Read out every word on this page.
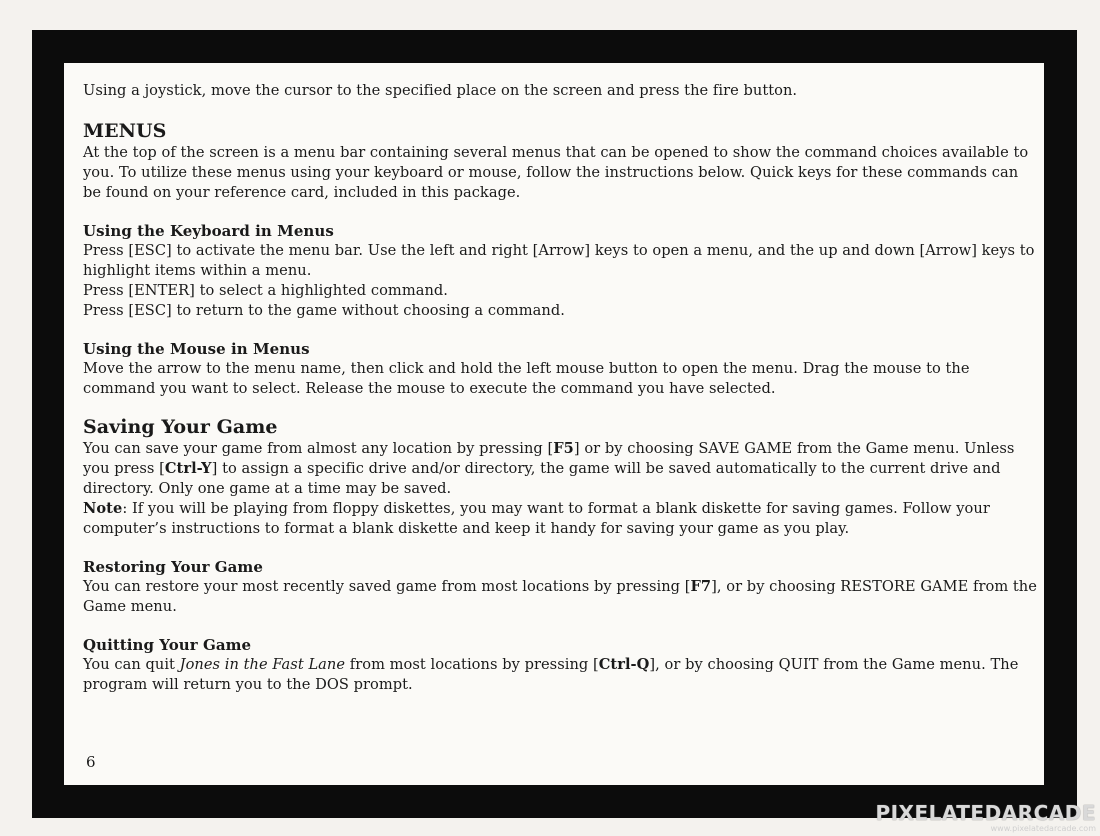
Using a joystick, move the cursor to the specified place on the screen and press the fire button.

MENUS

At the top of the screen is a menu bar containing several menus that can be opened to show the command choices available to you. To utilize these menus using your keyboard or mouse, follow the instructions below. Quick keys for these commands can be found on your reference card, included in this package.

Using the Keyboard in Menus

Press [ESC] to activate the menu bar. Use the left and right [Arrow] keys to open a menu, and the up and down [Arrow] keys to highlight items within a menu.

Press [ENTER] to select a highlighted command.

Press [ESC] to return to the game without choosing a command.

Using the Mouse in Menus

Move the arrow to the menu name, then click and hold the left mouse button to open the menu. Drag the mouse to the command you want to select. Release the mouse to execute the command you have selected.

Saving Your Game

You can save your game from almost any location by pressing [F5] or by choosing SAVE GAME from the Game menu. Unless you press [Ctrl-Y] to assign a specific drive and/or directory, the game will be saved automatically to the current drive and directory. Only one game at a time may be saved.

Note: If you will be playing from floppy diskettes, you may want to format a blank diskette for saving games. Follow your computer’s instructions to format a blank diskette and keep it handy for saving your game as you play.

Restoring Your Game

You can restore your most recently saved game from most locations by pressing [F7], or by choosing RESTORE GAME from the Game menu.

Quitting Your Game

You can quit Jones in the Fast Lane from most locations by pressing [Ctrl-Q], or by choosing QUIT from the Game menu. The program will return you to the DOS prompt.

6
PIXELATEDARCADE
www.pixelatedarcade.com
